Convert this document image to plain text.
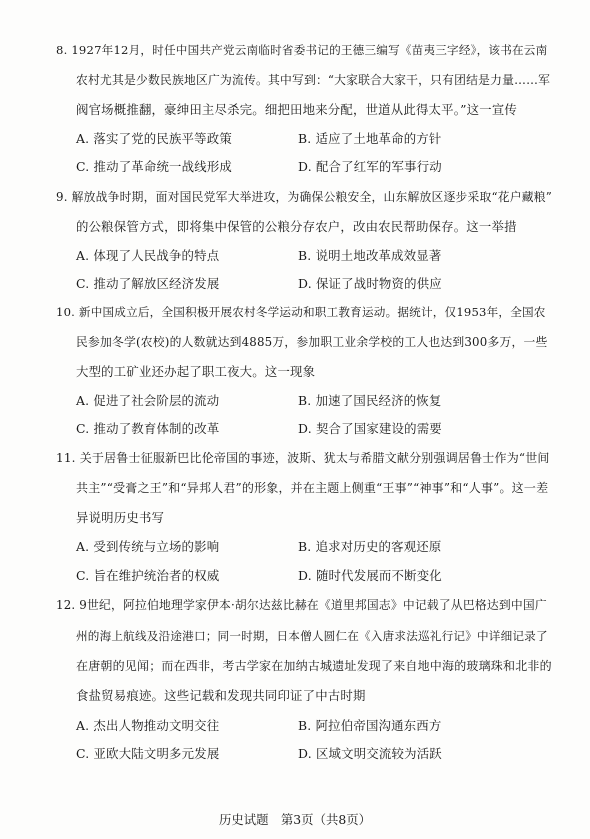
8. 1927年12月，时任中国共产党云南临时省委书记的王德三编写《苗夷三字经》，该书在云南
农村尤其是少数民族地区广为流传。其中写到：“大家联合大家干，只有团结是力量……军
阀官场概推翻，豪绅田主尽杀完。细把田地来分配，世道从此得太平。”这一宣传
A. 落实了党的民族平等政策	B. 适应了土地革命的方针
C. 推动了革命统一战线形成	D. 配合了红军的军事行动
9. 解放战争时期，面对国民党军大举进攻，为确保公粮安全，山东解放区逐步采取“花户藏粮”
的公粮保管方式，即将集中保管的公粮分存农户，改由农民帮助保存。这一举措
A. 体现了人民战争的特点	B. 说明土地改革成效显著
C. 推动了解放区经济发展	D. 保证了战时物资的供应
10. 新中国成立后，全国积极开展农村冬学运动和职工教育运动。据统计，仅1953年，全国农
民参加冬学(农校)的人数就达到4885万，参加职工业余学校的工人也达到300多万，一些
大型的工矿业还办起了职工夜大。这一现象
A. 促进了社会阶层的流动	B. 加速了国民经济的恢复
C. 推动了教育体制的改革	D. 契合了国家建设的需要
11. 关于居鲁士征服新巴比伦帝国的事迹，波斯、犹太与希腊文献分别强调居鲁士作为“世间
共主”“受膏之王”和“异邦人君”的形象，并在主题上侧重“王事”“神事”和“人事”。这一差
异说明历史书写
A. 受到传统与立场的影响	B. 追求对历史的客观还原
C. 旨在维护统治者的权威	D. 随时代发展而不断变化
12. 9世纪，阿拉伯地理学家伊本·胡尔达兹比赫在《道里邦国志》中记载了从巴格达到中国广
州的海上航线及沿途港口；同一时期，日本僧人圆仁在《入唐求法巡礼行记》中详细记录了
在唐朝的见闻；而在西非，考古学家在加纳古城遗址发现了来自地中海的玻璃珠和北非的
食盐贸易痕迹。这些记载和发现共同印证了中古时期
A. 杰出人物推动文明交往	B. 阿拉伯帝国沟通东西方
C. 亚欧大陆文明多元发展	D. 区域文明交流较为活跃
历史试题　第3页（共8页）
